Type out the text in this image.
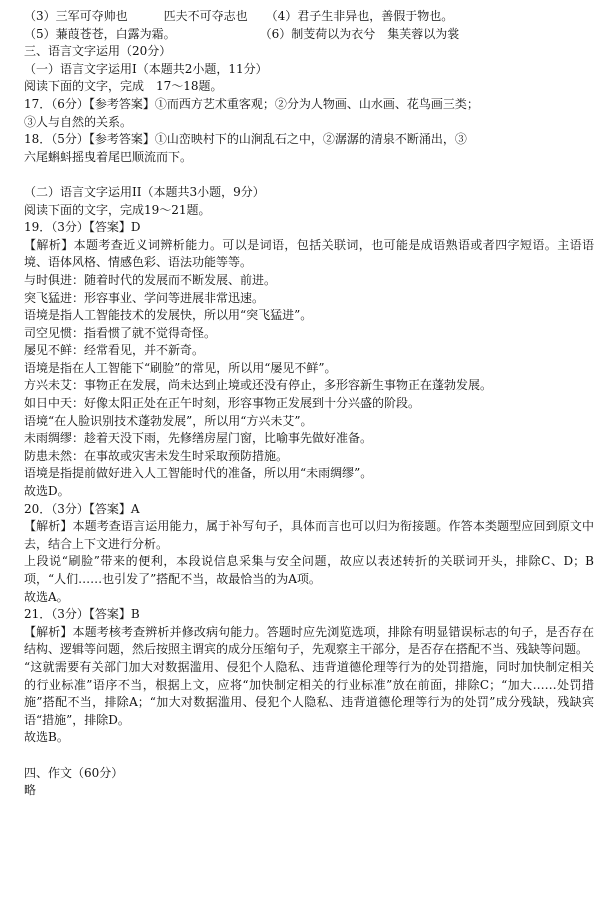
（3）三军可夺帅也　　　匹夫不可夺志也　　（4）君子生非异也，善假于物也。
（5）蒹葭苍苍，白露为霜。　　　　　　　　（6）制芰荷以为衣兮　集芙蓉以为裳
三、语言文字运用（20分）
（一）语言文字运用Ⅰ（本题共2小题，11分）
阅读下面的文字，完成　17～18题。
17．（6分）【参考答案】①而西方艺术重客观；②分为人物画、山水画、花鸟画三类；
③人与自然的关系。
18．（5分）【参考答案】①山峦映村下的山涧乱石之中，②潺潺的清泉不断涌出，③
六尾蝌蚪摇曳着尾巴顺流而下。
（二）语言文字运用II（本题共3小题，9分）
阅读下面的文字，完成19～21题。
19．（3分）【答案】D
【解析】本题考查近义词辨析能力。可以是词语，包括关联词，也可能是成语熟语或者四字短语。主语语境、语体风格、情感色彩、语法功能等等。
与时俱进：随着时代的发展而不断发展、前进。
突飞猛进：形容事业、学问等进展非常迅速。
语境是指人工智能技术的发展快，所以用“突飞猛进”。
司空见惯：指看惯了就不觉得奇怪。
屡见不鲜：经常看见，并不新奇。
语境是指在人工智能下“刷脸”的常见，所以用“屡见不鲜”。
方兴未艾：事物正在发展，尚未达到止境或还没有停止，多形容新生事物正在蓬勃发展。
如日中天：好像太阳正处在正午时刻，形容事物正发展到十分兴盛的阶段。
语境“在人脸识别技术蓬勃发展”，所以用“方兴未艾”。
未雨绸缪：趁着天没下雨，先修缮房屋门窗，比喻事先做好准备。
防患未然：在事故或灾害未发生时采取预防措施。
语境是指提前做好进入人工智能时代的准备，所以用“未雨绸缪”。
故选D。
20．（3分）【答案】A
【解析】本题考查语言运用能力，属于补写句子，具体而言也可以归为衔接题。作答本类题型应回到原文中去，结合上下文进行分析。
上段说“刷脸”带来的便利，本段说信息采集与安全问题，故应以表述转折的关联词开头，排除C、D；B项，“人们……也引发了”搭配不当，故最恰当的为A项。
故选A。
21．（3分）【答案】B
【解析】本题考核考查辨析并修改病句能力。答题时应先浏览选项，排除有明显错误标志的句子，是否存在结构、逻辑等问题，然后按照主谓宾的成分压缩句子，先观察主干部分，是否存在搭配不当、残缺等问题。
“这就需要有关部门加大对数据滥用、侵犯个人隐私、违背道德伦理等行为的处罚措施，同时加快制定相关的行业标准”语序不当，根据上文，应将“加快制定相关的行业标准”放在前面，排除C；“加大……处罚措施”搭配不当，排除A；“加大对数据滥用、侵犯个人隐私、违背道德伦理等行为的处罚”成分残缺，残缺宾语“措施”，排除D。
故选B。
四、作文（60分）
略
